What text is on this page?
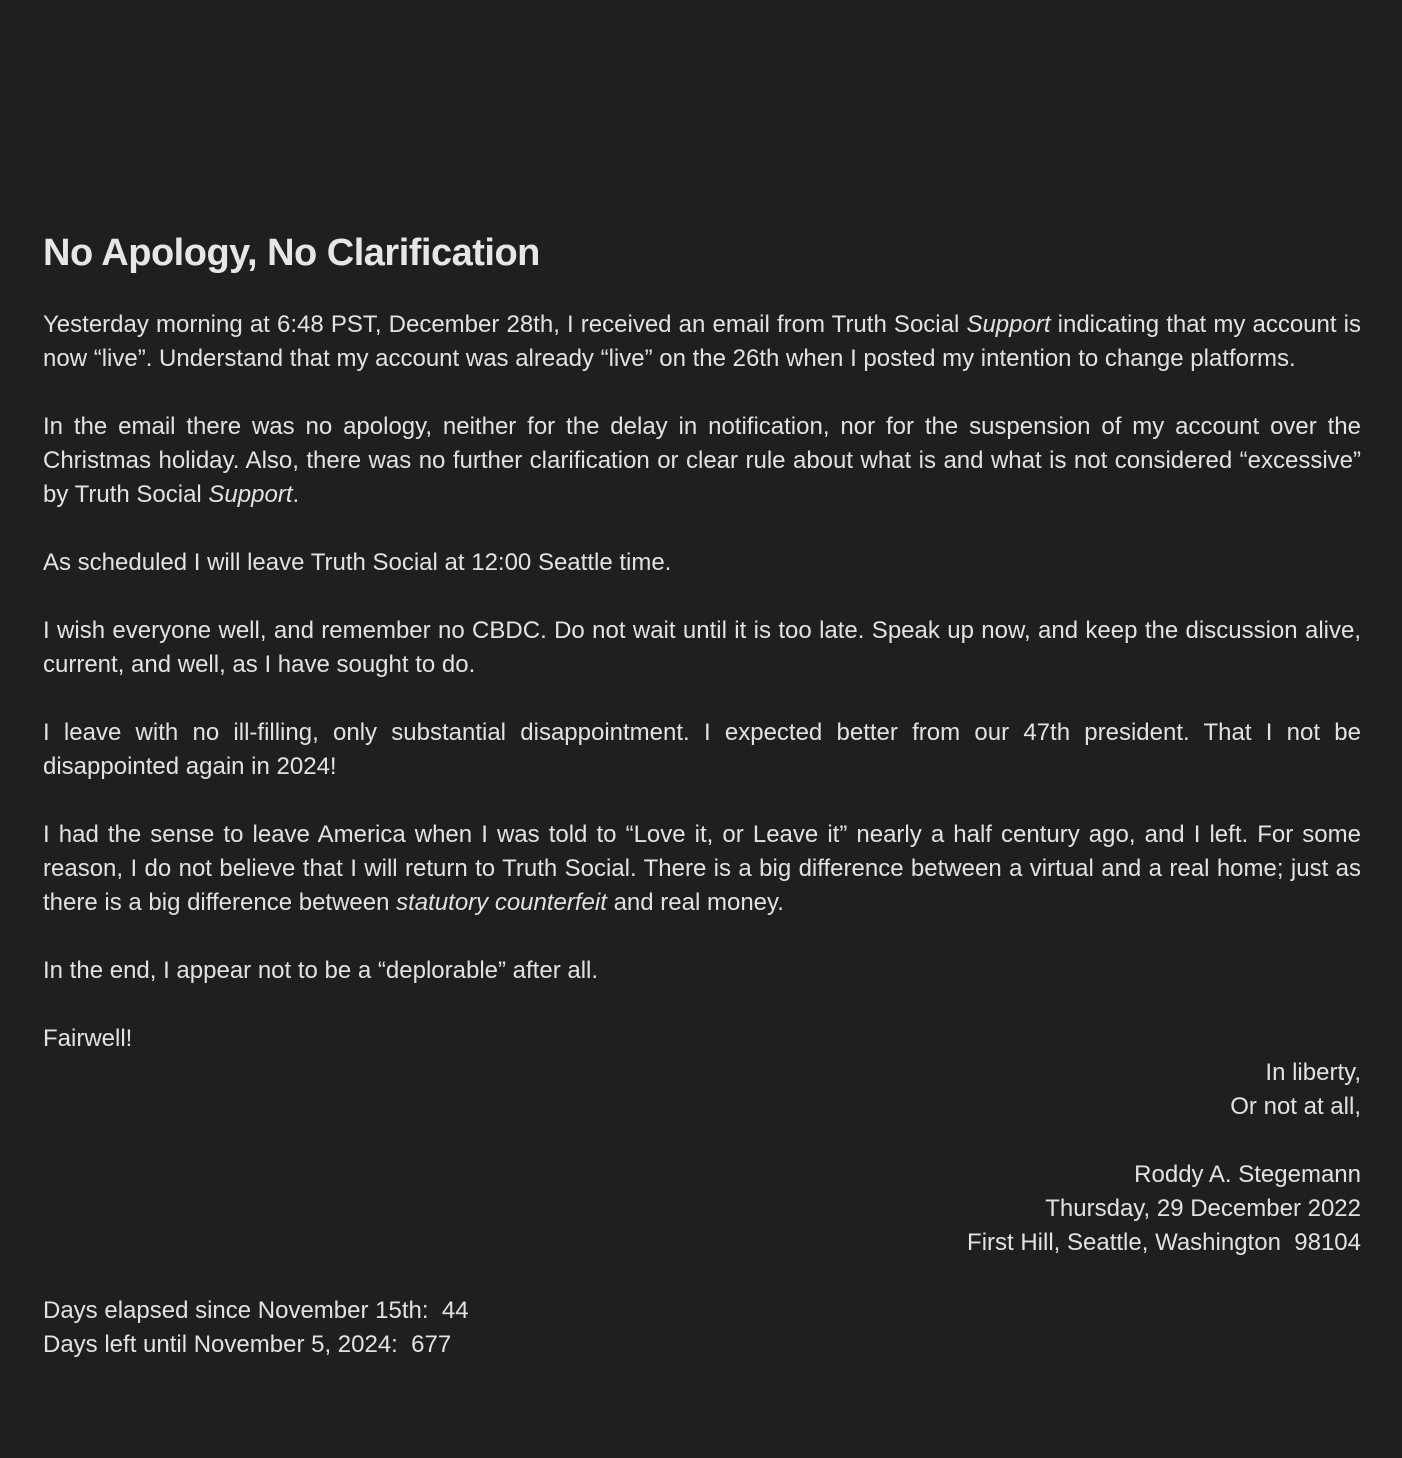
No Apology, No Clarification

Yesterday morning at 6:48 PST, December 28th, I received an email from Truth Social Support indicating that my account is now “live”. Understand that my account was already “live” on the 26th when I posted my intention to change platforms.

In the email there was no apology, neither for the delay in notification, nor for the suspension of my account over the Christmas holiday. Also, there was no further clarification or clear rule about what is and what is not considered “excessive” by Truth Social Support.

As scheduled I will leave Truth Social at 12:00 Seattle time.

I wish everyone well, and remember no CBDC. Do not wait until it is too late. Speak up now, and keep the discussion alive, current, and well, as I have sought to do.

I leave with no ill-filling, only substantial disappointment. I expected better from our 47th president. That I not be disappointed again in 2024!

I had the sense to leave America when I was told to “Love it, or Leave it” nearly a half century ago, and I left. For some reason, I do not believe that I will return to Truth Social. There is a big difference between a virtual and a real home; just as there is a big difference between statutory counterfeit and real money.

In the end, I appear not to be a “deplorable” after all.

Fairwell!

In liberty,
Or not at all,
Roddy A. Stegemann
Thursday, 29 December 2022
First Hill, Seattle, Washington  98104
Days elapsed since November 15th:  44
Days left until November 5, 2024:  677
